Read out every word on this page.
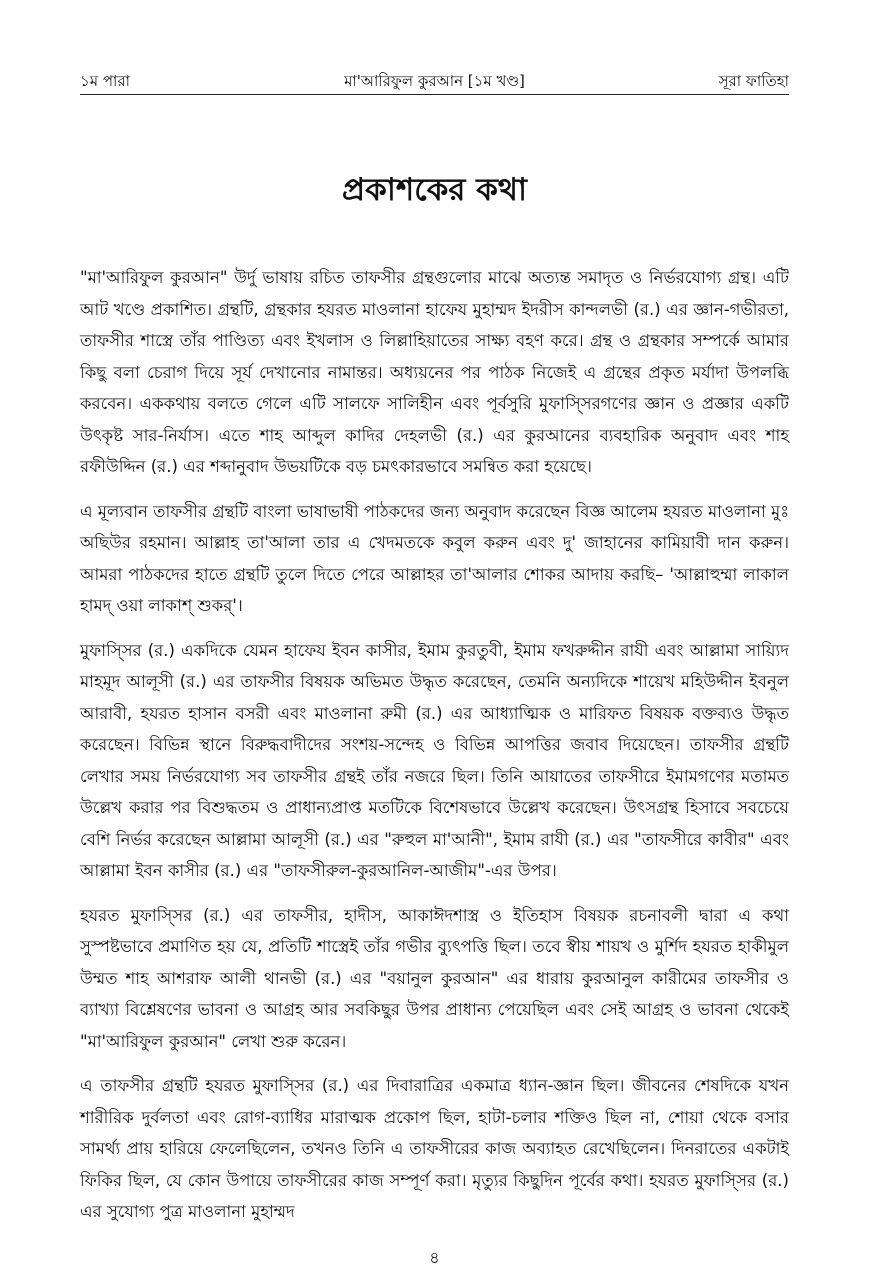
১ম পারা	মা'আরিফুল কুরআন [১ম খণ্ড]	সূরা ফাতিহা
প্রকাশকের কথা

"মা'আরিফুল কুরআন" উর্দু ভাষায় রচিত তাফসীর গ্রন্থগুলোর মাঝে অত্যন্ত সমাদৃত ও নির্ভরযোগ্য গ্রন্থ। এটি আট খণ্ডে প্রকাশিত। গ্রন্থটি, গ্রন্থকার হযরত মাওলানা হাফেয মুহাম্মদ ইদরীস কান্দলভী (র.) এর জ্ঞান-গভীরতা, তাফসীর শাস্ত্রে তাঁর পাণ্ডিত্য এবং ইখলাস ও লিল্লাহিয়াতের সাক্ষ্য বহণ করে। গ্রন্থ ও গ্রন্থকার সম্পর্কে আমার কিছু বলা চেরাগ দিয়ে সূর্য দেখানোর নামান্তর। অধ্যয়নের পর পাঠক নিজেই এ গ্রন্থের প্রকৃত মর্যাদা উপলব্ধি করবেন। এককথায় বলতে গেলে এটি সালফে সালিহীন এবং পূর্বসুরি মুফাস্সিরগণের জ্ঞান ও প্রজ্ঞার একটি উৎকৃষ্ট সার-নির্যাস। এতে শাহ আব্দুল কাদির দেহলভী (র.) এর কুরআনের ব্যবহারিক অনুবাদ এবং শাহ রফীউদ্দিন (র.) এর শব্দানুবাদ উভয়টিকে বড় চমৎকারভাবে সমন্বিত করা হয়েছে।

এ মূল্যবান তাফসীর গ্রন্থটি বাংলা ভাষাভাষী পাঠকদের জন্য অনুবাদ করেছেন বিজ্ঞ আলেম হযরত মাওলানা মুঃ অছিউর রহমান। আল্লাহ তা'আলা তার এ খেদমতকে কবুল করুন এবং দু' জাহানের কামিয়াবী দান করুন। আমরা পাঠকদের হাতে গ্রন্থটি তুলে দিতে পেরে আল্লাহর তা'আলার শোকর আদায় করছি– 'আল্লাহুম্মা লাকাল হামদ্ ওয়া লাকাশ্ শুকর্'।

মুফাস্সির (র.) একদিকে যেমন হাফেয ইবন কাসীর, ইমাম কুরতুবী, ইমাম ফখরুদ্দীন রাযী এবং আল্লামা সায়্যিদ মাহমূদ আলূসী (র.) এর তাফসীর বিষয়ক অভিমত উদ্ধৃত করেছেন, তেমনি অন্যদিকে শায়েখ মহিউদ্দীন ইবনুল আরাবী, হযরত হাসান বসরী এবং মাওলানা রুমী (র.) এর আধ্যাত্মিক ও মারিফত বিষয়ক বক্তব্যও উদ্ধৃত করেছেন। বিভিন্ন স্থানে বিরুদ্ধবাদীদের সংশয়-সন্দেহ ও বিভিন্ন আপত্তির জবাব দিয়েছেন। তাফসীর গ্রন্থটি লেখার সময় নির্ভরযোগ্য সব তাফসীর গ্রন্থই তাঁর নজরে ছিল। তিনি আয়াতের তাফসীরে ইমামগণের মতামত উল্লেখ করার পর বিশুদ্ধতম ও প্রাধান্যপ্রাপ্ত মতটিকে বিশেষভাবে উল্লেখ করেছেন। উৎসগ্রন্থ হিসাবে সবচেয়ে বেশি নির্ভর করেছেন আল্লামা আলূসী (র.) এর "রুহুল মা'আনী", ইমাম রাযী (র.) এর "তাফসীরে কাবীর" এবং আল্লামা ইবন কাসীর (র.) এর "তাফসীরুল-কুরআনিল-আজীম"-এর উপর।

হযরত মুফাস্সির (র.) এর তাফসীর, হাদীস, আকাঈদশাস্ত্র ও ইতিহাস বিষয়ক রচনাবলী দ্বারা এ কথা সুস্পষ্টভাবে প্রমাণিত হয় যে, প্রতিটি শাস্ত্রেই তাঁর গভীর ব্যুৎপত্তি ছিল। তবে স্বীয় শায়খ ও মুর্শিদ হযরত হাকীমুল উম্মত শাহ আশরাফ আলী থানভী (র.) এর "বয়ানুল কুরআন" এর ধারায় কুরআনুল কারীমের তাফসীর ও ব্যাখ্যা বিশ্লেষণের ভাবনা ও আগ্রহ আর সবকিছুর উপর প্রাধান্য পেয়েছিল এবং সেই আগ্রহ ও ভাবনা থেকেই "মা'আরিফুল কুরআন" লেখা শুরু করেন।

এ তাফসীর গ্রন্থটি হযরত মুফাস্সির (র.) এর দিবারাত্রির একমাত্র ধ্যান-জ্ঞান ছিল। জীবনের শেষদিকে যখন শারীরিক দুর্বলতা এবং রোগ-ব্যাধির মারাত্মক প্রকোপ ছিল, হাটা-চলার শক্তিও ছিল না, শোয়া থেকে বসার সামর্থ্য প্রায় হারিয়ে ফেলেছিলেন, তখনও তিনি এ তাফসীরের কাজ অব্যাহত রেখেছিলেন। দিনরাতের একটাই ফিকির ছিল, যে কোন উপায়ে তাফসীরের কাজ সম্পূর্ণ করা। মৃত্যুর কিছুদিন পূর্বের কথা। হযরত মুফাস্সির (র.) এর সুযোগ্য পুত্র মাওলানা মুহাম্মদ

৪
